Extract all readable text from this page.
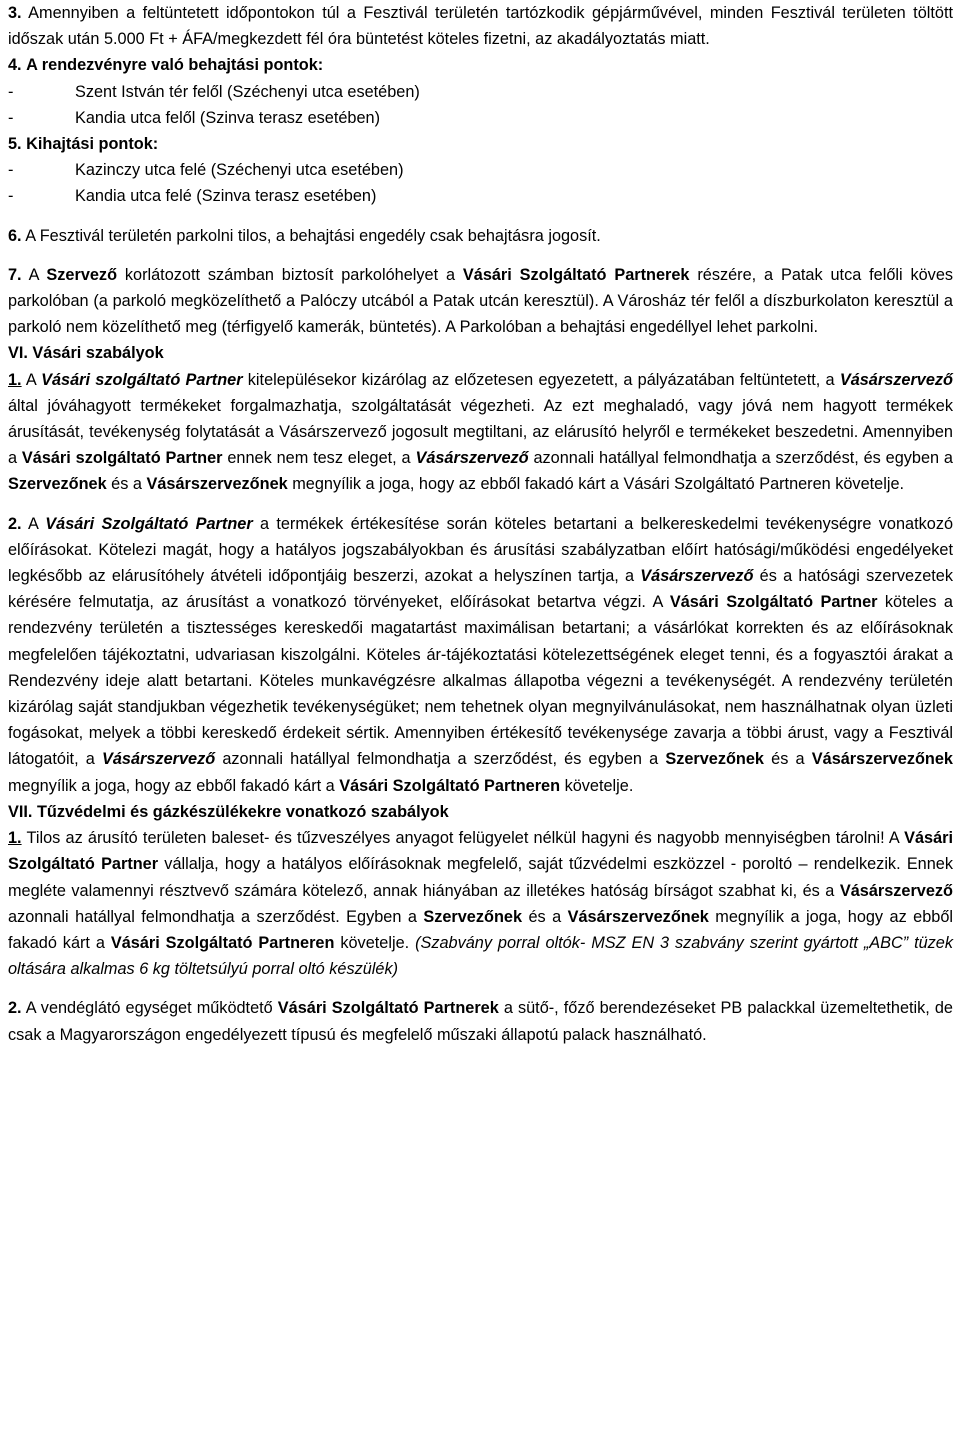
3. Amennyiben a feltüntetett időpontokon túl a Fesztivál területén tartózkodik gépjárművével, minden Fesztivál területen töltött időszak után 5.000 Ft + ÁFA/megkezdett fél óra büntetést köteles fizetni, az akadályoztatás miatt.

4. A rendezvényre való behajtási pontok:

-	Szent István tér felől (Széchenyi utca esetében)
-	Kandia utca felől (Szinva terasz esetében)

5. Kihajtási pontok:

-	Kazinczy utca felé (Széchenyi utca esetében)
-	Kandia utca felé (Szinva terasz esetében)

6. A Fesztivál területén parkolni tilos, a behajtási engedély csak behajtásra jogosít.

7. A Szervező korlátozott számban biztosít parkolóhelyet a Vásári Szolgáltató Partnerek részére, a Patak utca felőli köves parkolóban (a parkoló megközelíthető a Palóczy utcából a Patak utcán keresztül). A Városház tér felől a díszburkolaton keresztül a parkoló nem közelíthető meg (térfigyelő kamerák, büntetés). A Parkolóban a behajtási engedéllyel lehet parkolni.

VI. Vásári szabályok

1. A Vásári szolgáltató Partner kitelepülésekor kizárólag az előzetesen egyezetett, a pályázatában feltüntetett, a Vásárszervező által jóváhagyott termékeket forgalmazhatja, szolgáltatását végezheti. Az ezt meghaladó, vagy jóvá nem hagyott termékek árusítását, tevékenység folytatását a Vásárszervező jogosult megtiltani, az elárusító helyről e termékeket beszedetni. Amennyiben a Vásári szolgáltató Partner ennek nem tesz eleget, a Vásárszervező azonnali hatállyal felmondhatja a szerződést, és egyben a Szervezőnek és a Vásárszervezőnek megnyílik a joga, hogy az ebből fakadó kárt a Vásári Szolgáltató Partneren követelje.

2. A Vásári Szolgáltató Partner a termékek értékesítése során köteles betartani a belkereskedelmi tevékenységre vonatkozó előírásokat. Kötelezi magát, hogy a hatályos jogszabályokban és árusítási szabályzatban előírt hatósági/működési engedélyeket legkésőbb az elárusítóhely átvételi időpontjáig beszerzi, azokat a helyszínen tartja, a Vásárszervező és a hatósági szervezetek kérésére felmutatja, az árusítást a vonatkozó törvényeket, előírásokat betartva végzi. A Vásári Szolgáltató Partner köteles a rendezvény területén a tisztességes kereskedői magatartást maximálisan betartani; a vásárlókat korrekten és az előírásoknak megfelelően tájékoztatni, udvariasan kiszolgálni. Köteles ár-tájékoztatási kötelezettségének eleget tenni, és a fogyasztói árakat a Rendezvény ideje alatt betartani. Köteles munkavégzésre alkalmas állapotba végezni a tevékenységét. A rendezvény területén kizárólag saját standjukban végezhetik tevékenységüket; nem tehetnek olyan megnyilvánulásokat, nem használhatnak olyan üzleti fogásokat, melyek a többi kereskedő érdekeit sértik. Amennyiben értékesítő tevékenysége zavarja a többi árust, vagy a Fesztivál látogatóit, a Vásárszervező azonnali hatállyal felmondhatja a szerződést, és egyben a Szervezőnek és a Vásárszervezőnek megnyílik a joga, hogy az ebből fakadó kárt a Vásári Szolgáltató Partneren követelje.

VII. Tűzvédelmi és gázkészülékekre vonatkozó szabályok

1. Tilos az árusító területen baleset- és tűzveszélyes anyagot felügyelet nélkül hagyni és nagyobb mennyiségben tárolni! A Vásári Szolgáltató Partner vállalja, hogy a hatályos előírásoknak megfelelő, saját tűzvédelmi eszközzel - poroltó – rendelkezik. Ennek megléte valamennyi résztvevő számára kötelező, annak hiányában az illetékes hatóság bírságot szabhat ki, és a Vásárszervező azonnali hatállyal felmondhatja a szerződést. Egyben a Szervezőnek és a Vásárszervezőnek megnyílik a joga, hogy az ebből fakadó kárt a Vásári Szolgáltató Partneren követelje. (Szabvány porral oltók- MSZ EN 3 szabvány szerint gyártott „ABC” tüzek oltására alkalmas 6 kg töltetsúlyú porral oltó készülék)

2. A vendéglátó egységet működtető Vásári Szolgáltató Partnerek a sütő-, főző berendezéseket PB palackkal üzemeltethetik, de csak a Magyarországon engedélyezett típusú és megfelelő műszaki állapotú palack használható.
